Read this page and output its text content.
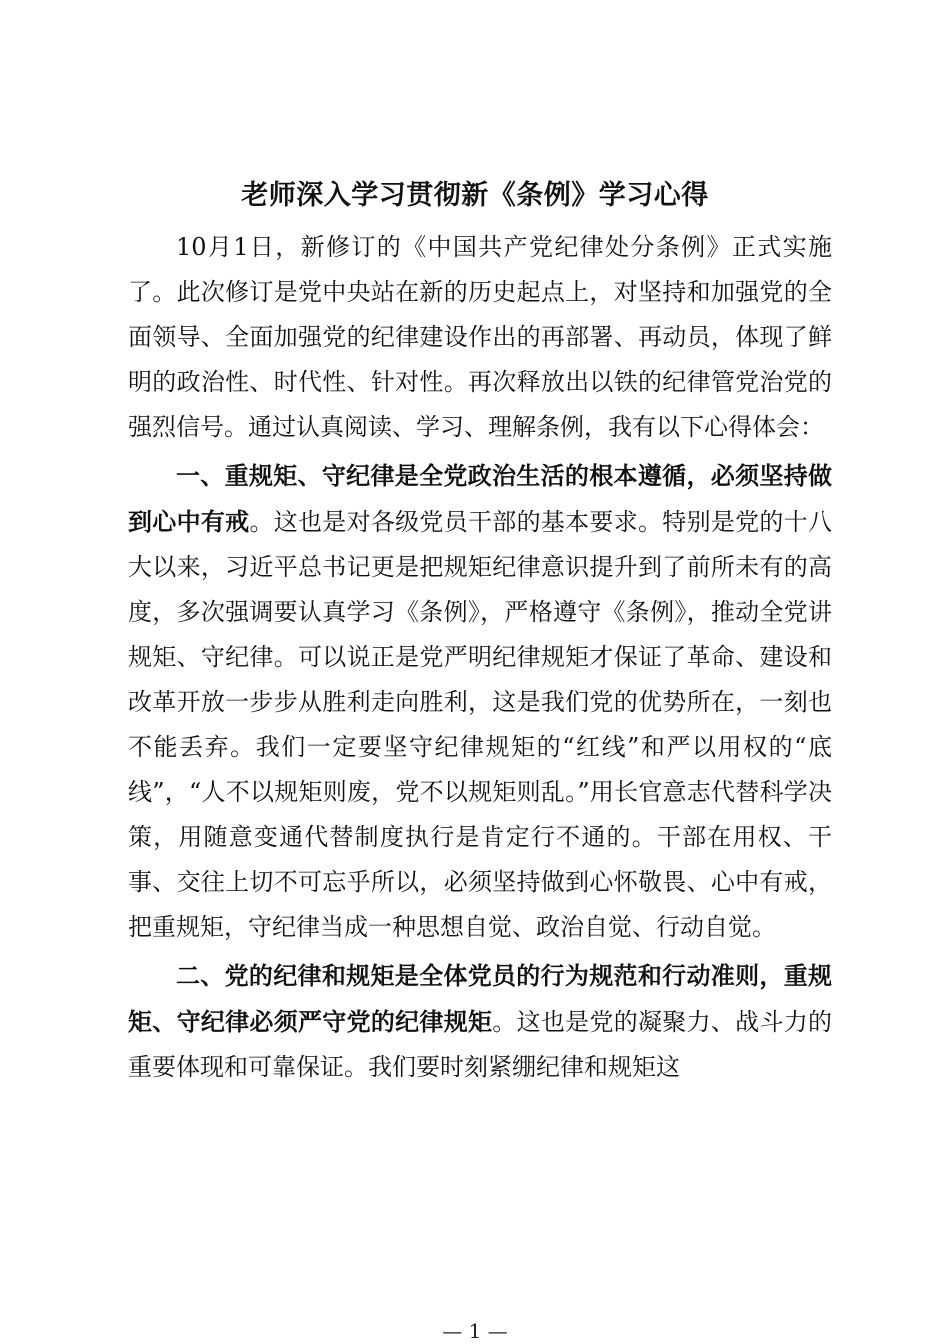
老师深入学习贯彻新《条例》学习心得

10月1日，新修订的《中国共产党纪律处分条例》正式实施了。此次修订是党中央站在新的历史起点上，对坚持和加强党的全面领导、全面加强党的纪律建设作出的再部署、再动员，体现了鲜明的政治性、时代性、针对性。再次释放出以铁的纪律管党治党的强烈信号。通过认真阅读、学习、理解条例，我有以下心得体会：

一、重规矩、守纪律是全党政治生活的根本遵循，必须坚持做到心中有戒。这也是对各级党员干部的基本要求。特别是党的十八大以来，习近平总书记更是把规矩纪律意识提升到了前所未有的高度，多次强调要认真学习《条例》，严格遵守《条例》，推动全党讲规矩、守纪律。可以说正是党严明纪律规矩才保证了革命、建设和改革开放一步步从胜利走向胜利，这是我们党的优势所在，一刻也不能丢弃。我们一定要坚守纪律规矩的“红线”和严以用权的“底线”，“人不以规矩则废，党不以规矩则乱。”用长官意志代替科学决策，用随意变通代替制度执行是肯定行不通的。干部在用权、干事、交往上切不可忘乎所以，必须坚持做到心怀敬畏、心中有戒，把重规矩，守纪律当成一种思想自觉、政治自觉、行动自觉。

二、党的纪律和规矩是全体党员的行为规范和行动准则，重规矩、守纪律必须严守党的纪律规矩。这也是党的凝聚力、战斗力的重要体现和可靠保证。我们要时刻紧绷纪律和规矩这

— 1 —
